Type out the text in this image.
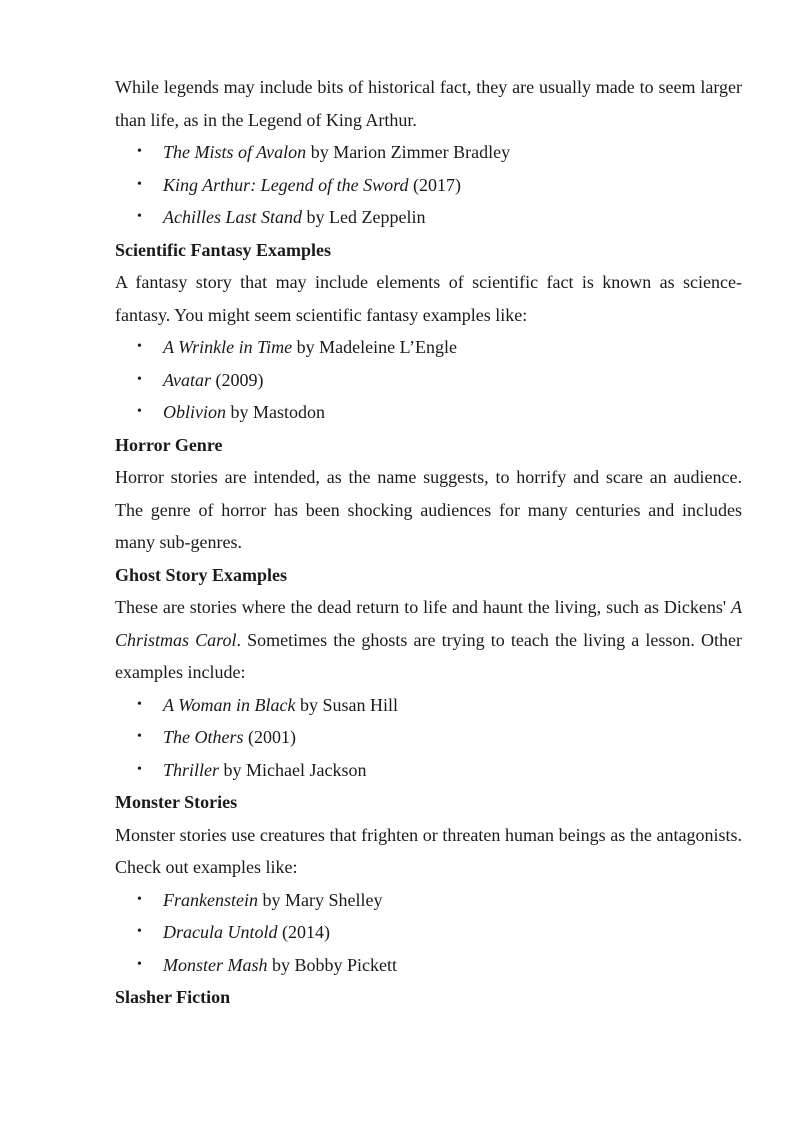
While legends may include bits of historical fact, they are usually made to seem larger than life, as in the Legend of King Arthur.

• The Mists of Avalon by Marion Zimmer Bradley
• King Arthur: Legend of the Sword (2017)
• Achilles Last Stand by Led Zeppelin
Scientific Fantasy Examples

A fantasy story that may include elements of scientific fact is known as science-fantasy. You might seem scientific fantasy examples like:

• A Wrinkle in Time by Madeleine L’Engle
• Avatar (2009)
• Oblivion by Mastodon
Horror Genre

Horror stories are intended, as the name suggests, to horrify and scare an audience. The genre of horror has been shocking audiences for many centuries and includes many sub-genres.

Ghost Story Examples

These are stories where the dead return to life and haunt the living, such as Dickens' A Christmas Carol. Sometimes the ghosts are trying to teach the living a lesson. Other examples include:

• A Woman in Black by Susan Hill
• The Others (2001)
• Thriller by Michael Jackson
Monster Stories

Monster stories use creatures that frighten or threaten human beings as the antagonists. Check out examples like:

• Frankenstein by Mary Shelley
• Dracula Untold (2014)
• Monster Mash by Bobby Pickett
Slasher Fiction
